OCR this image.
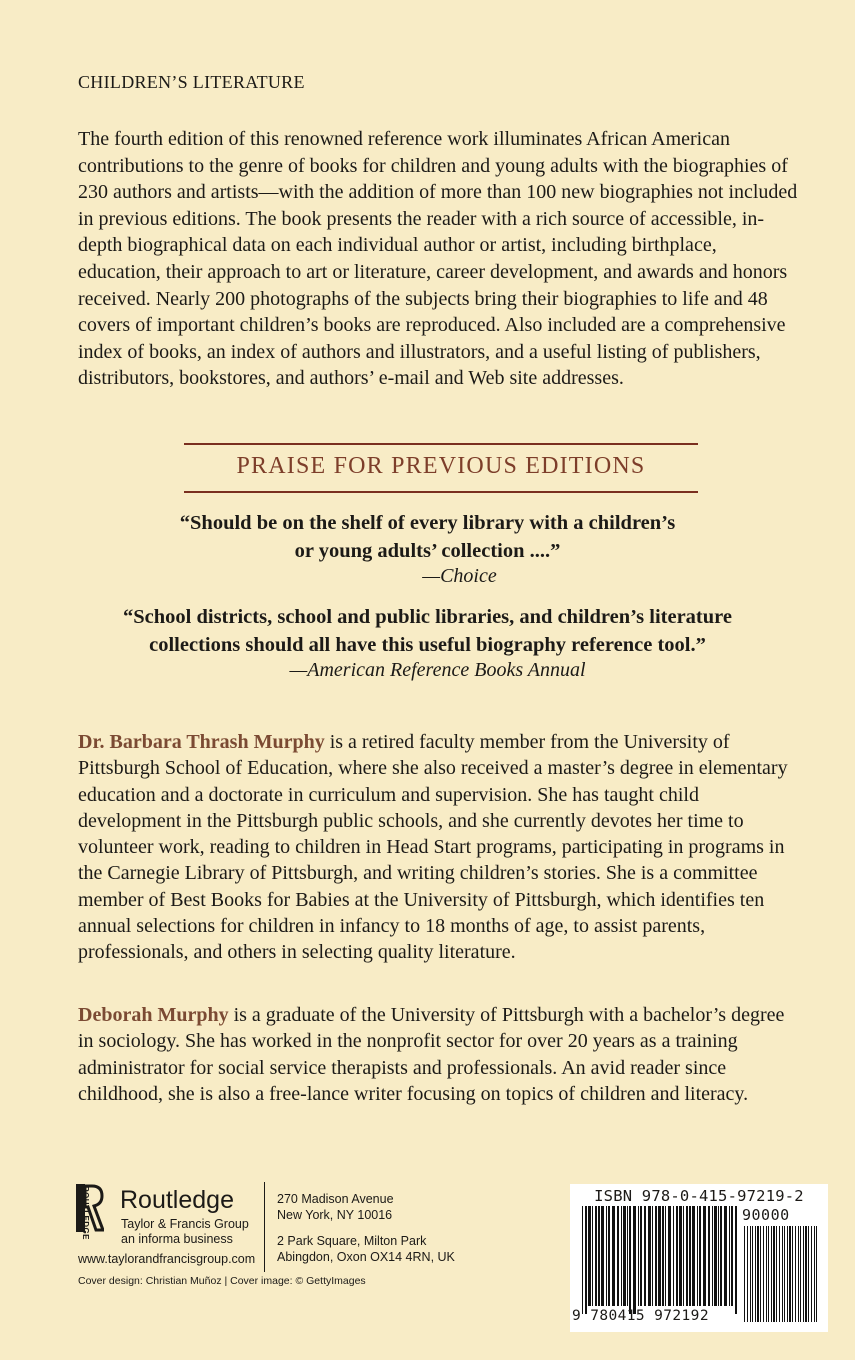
CHILDREN’S LITERATURE
The fourth edition of this renowned reference work illuminates African American contributions to the genre of books for children and young adults with the biographies of 230 authors and artists—with the addition of more than 100 new biographies not included in previous editions. The book presents the reader with a rich source of accessible, in-depth biographical data on each individual author or artist, including birthplace, education, their approach to art or literature, career development, and awards and honors received. Nearly 200 photographs of the subjects bring their biographies to life and 48 covers of important children’s books are reproduced. Also included are a comprehensive index of books, an index of authors and illustrators, and a useful listing of publishers, distributors, bookstores, and authors’ e-mail and Web site addresses.
PRAISE FOR PREVIOUS EDITIONS
“Should be on the shelf of every library with a children’s
or young adults’ collection ....”
—Choice
“School districts, school and public libraries, and children’s literature
collections should all have this useful biography reference tool.”
—American Reference Books Annual
Dr. Barbara Thrash Murphy is a retired faculty member from the University of Pittsburgh School of Education, where she also received a master’s degree in elementary education and a doctorate in curriculum and supervision. She has taught child development in the Pittsburgh public schools, and she currently devotes her time to volunteer work, reading to children in Head Start programs, participating in programs in the Carnegie Library of Pittsburgh, and writing children’s stories. She is a committee member of Best Books for Babies at the University of Pittsburgh, which identifies ten annual selections for children in infancy to 18 months of age, to assist parents, professionals, and others in selecting quality literature.
Deborah Murphy is a graduate of the University of Pittsburgh with a bachelor’s degree in sociology. She has worked in the nonprofit sector for over 20 years as a training administrator for social service therapists and professionals. An avid reader since childhood, she is also a free-lance writer focusing on topics of children and literacy.
ROUTLEDGE Routledge
Taylor & Francis Group
an informa business
www.taylorandfrancisgroup.com
270 Madison Avenue
New York, NY 10016
2 Park Square, Milton Park
Abingdon, Oxon OX14 4RN, UK
Cover design: Christian Muñoz | Cover image: © GettyImages
ISBN 978-0-415-97219-2
90000
9 780415 972192
